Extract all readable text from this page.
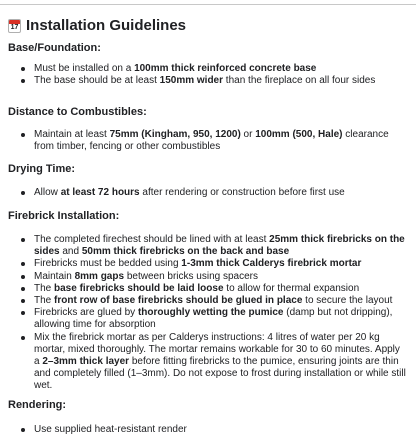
17 Installation Guidelines
Base/Foundation:
Must be installed on a 100mm thick reinforced concrete base
The base should be at least 150mm wider than the fireplace on all four sides
Distance to Combustibles:
Maintain at least 75mm (Kingham, 950, 1200) or 100mm (500, Hale) clearance from timber, fencing or other combustibles
Drying Time:
Allow at least 72 hours after rendering or construction before first use
Firebrick Installation:
The completed firechest should be lined with at least 25mm thick firebricks on the sides and 50mm thick firebricks on the back and base
Firebricks must be bedded using 1-3mm thick Calderys firebrick mortar
Maintain 8mm gaps between bricks using spacers
The base firebricks should be laid loose to allow for thermal expansion
The front row of base firebricks should be glued in place to secure the layout
Firebricks are glued by thoroughly wetting the pumice (damp but not dripping), allowing time for absorption
Mix the firebrick mortar as per Calderys instructions: 4 litres of water per 20 kg mortar, mixed thoroughly. The mortar remains workable for 30 to 60 minutes. Apply a 2–3mm thick layer before fitting firebricks to the pumice, ensuring joints are thin and completely filled (1–3mm). Do not expose to frost during installation or while still wet.
Rendering:
Use supplied heat-resistant render
